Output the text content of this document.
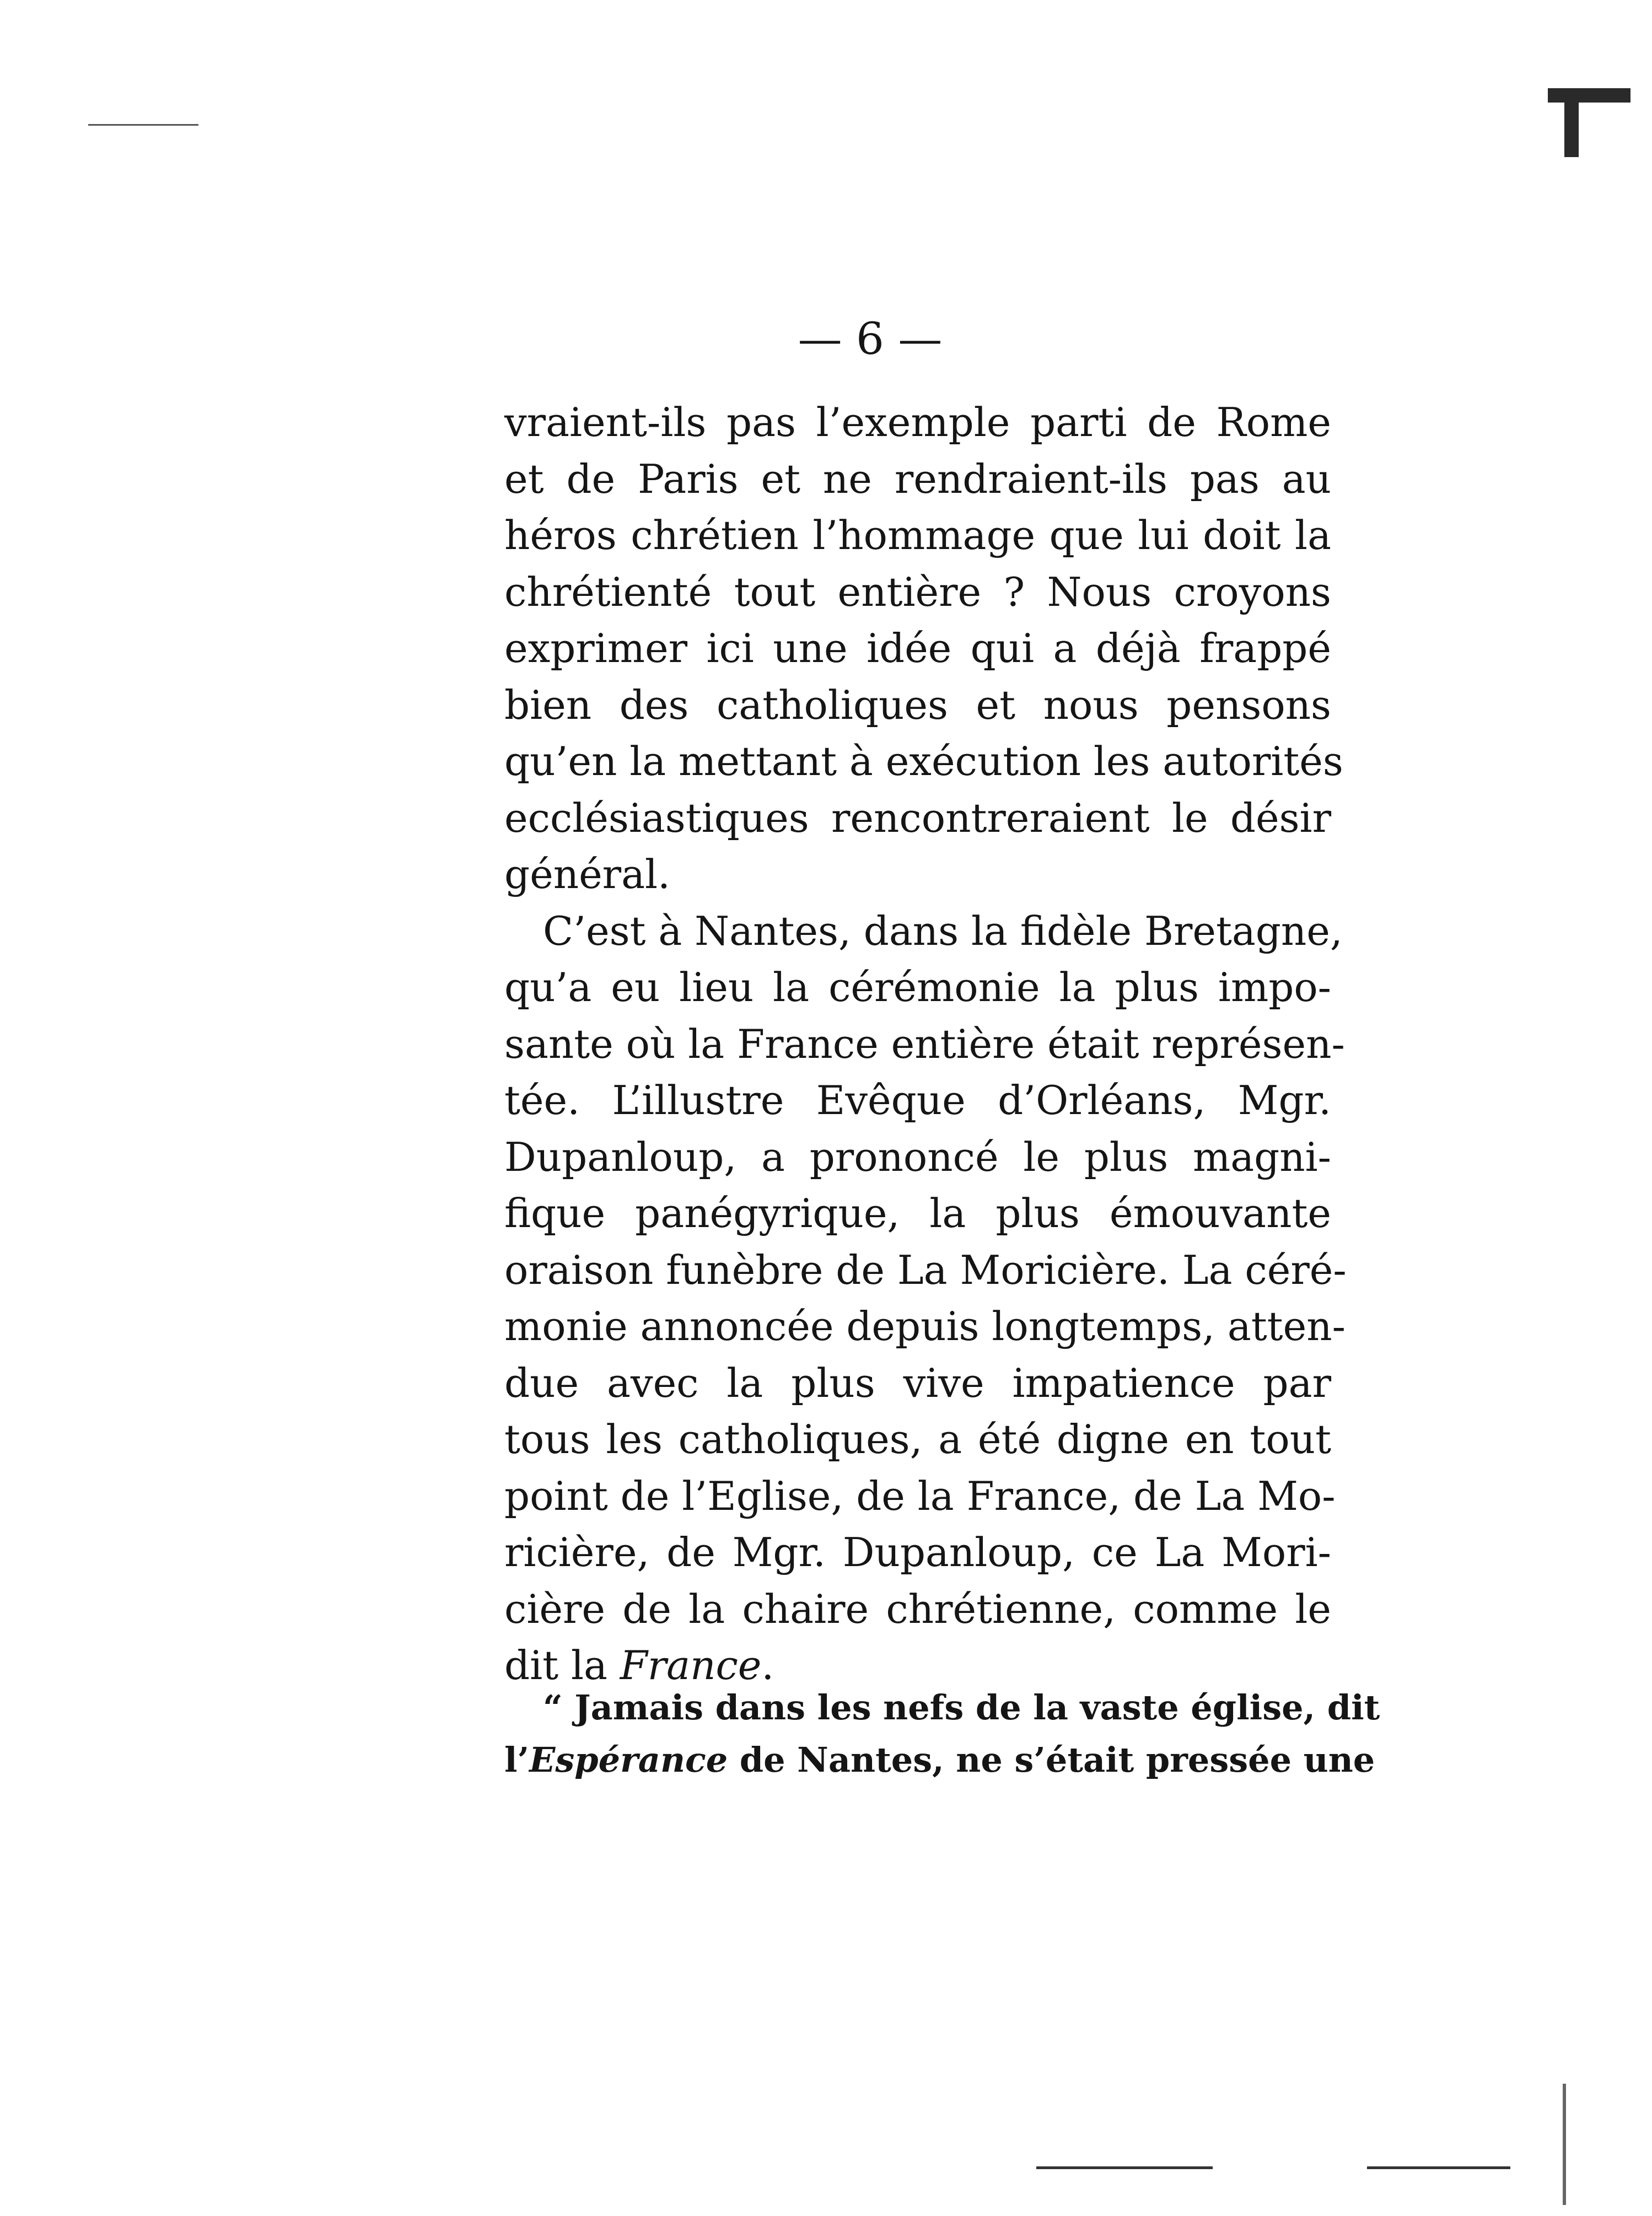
— 6 —
vraient-ils pas l’exemple parti de Rome
et de Paris et ne rendraient-ils pas au
héros chrétien l’hommage que lui doit la
chrétienté tout entière ? Nous croyons
exprimer ici une idée qui a déjà frappé
bien des catholiques et nous pensons
qu’en la mettant à exécution les autorités
ecclésiastiques rencontreraient le désir
général.
C’est à Nantes, dans la fidèle Bretagne,
qu’a eu lieu la cérémonie la plus impo-
sante où la France entière était représen-
tée. L’illustre Evêque d’Orléans, Mgr.
Dupanloup, a prononcé le plus magni-
fique panégyrique, la plus émouvante
oraison funèbre de La Moricière. La céré-
monie annoncée depuis longtemps, atten-
due avec la plus vive impatience par
tous les catholiques, a été digne en tout
point de l’Eglise, de la France, de La Mo-
ricière, de Mgr. Dupanloup, ce La Mori-
cière de la chaire chrétienne, comme le
dit la France.
“ Jamais dans les nefs de la vaste église, dit
l’Espérance de Nantes, ne s’était pressée une
